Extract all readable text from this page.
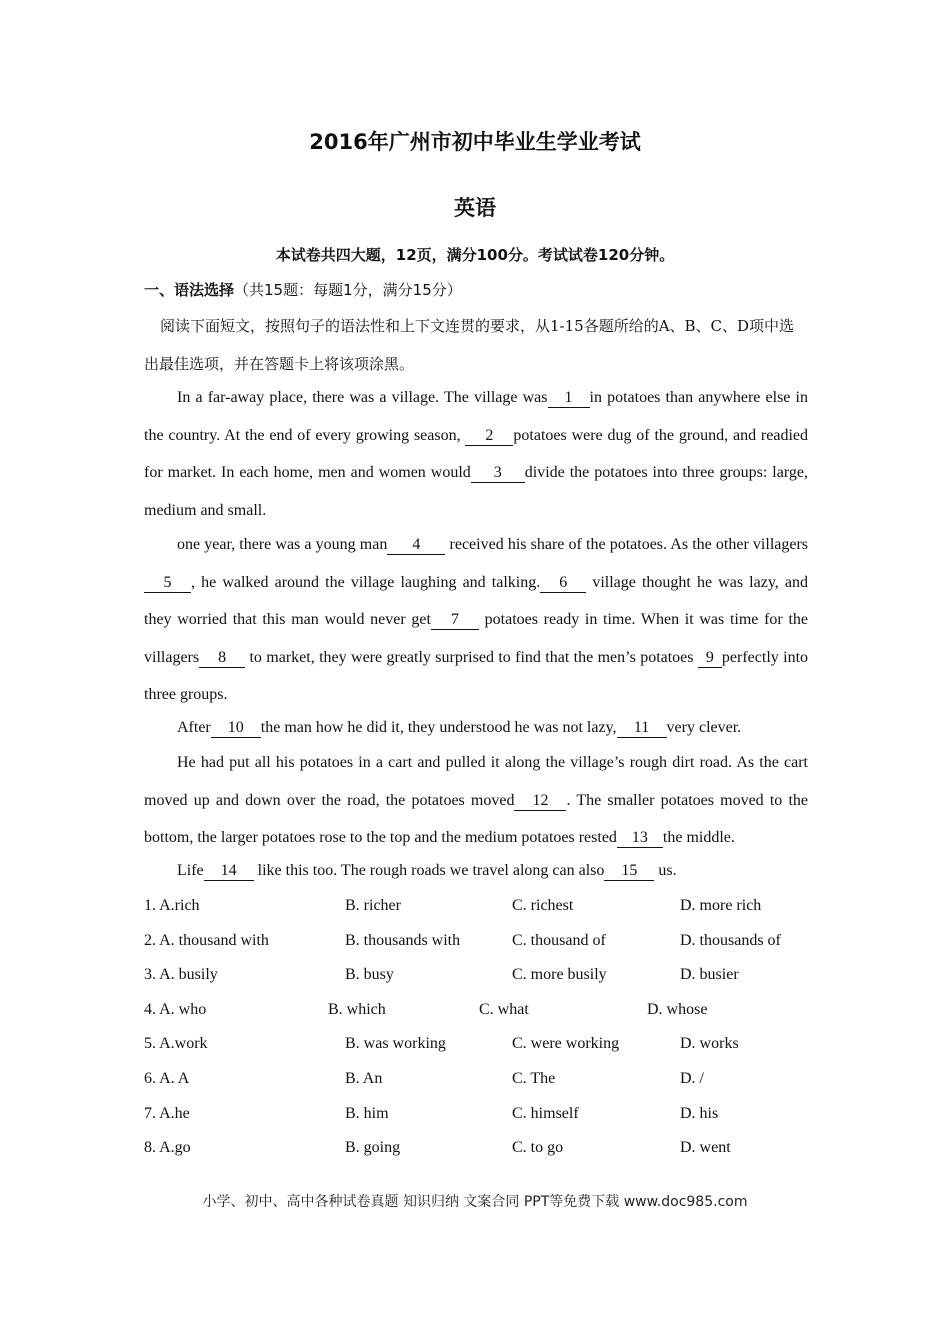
2016年广州市初中毕业生学业考试
英语
本试卷共四大题，12页，满分100分。考试试卷120分钟。
一、语法选择（共15题：每题1分，满分15分）
阅读下面短文，按照句子的语法性和上下文连贯的要求，从1-15各题所给的A、B、C、D项中选出最佳选项，并在答题卡上将该项涂黑。
In a far-away place, there was a village. The village was 1 in potatoes than anywhere else in the country. At the end of every growing season, 2 potatoes were dug of the ground, and readied for market. In each home, men and women would 3 divide the potatoes into three groups: large, medium and small.
one year, there was a young man 4 received his share of the potatoes. As the other villagers5 , he walked around the village laughing and talking. 6 village thought he was lazy, and they worried that this man would never get 7 potatoes ready in time. When it was time for the villagers 8 to market, they were greatly surprised to find that the men’s potatoes 9 perfectly into three groups.
After 10 the man how he did it, they understood he was not lazy, 11 very clever.
He had put all his potatoes in a cart and pulled it along the village’s rough dirt road. As the cart moved up and down over the road, the potatoes moved 12 . The smaller potatoes moved to the bottom, the larger potatoes rose to the top and the medium potatoes rested 13 the middle.
Life 14 like this too. The rough roads we travel along can also 15 us.
1. A.rich	B. richer	C. richest	D. more rich
2. A. thousand with	B. thousands with	C. thousand of	D. thousands of
3. A. busily	B. busy	C. more busily	D. busier
4. A. who	B. which	C. what	D. whose
5. A.work	B. was working	C. were working	D. works
6. A. A	B. An	C. The	D. /
7. A.he	B. him	C. himself	D. his
8. A.go	B. going	C. to go	D. went
小学、初中、高中各种试卷真题 知识归纳 文案合同 PPT等免费下载 www.doc985.com
